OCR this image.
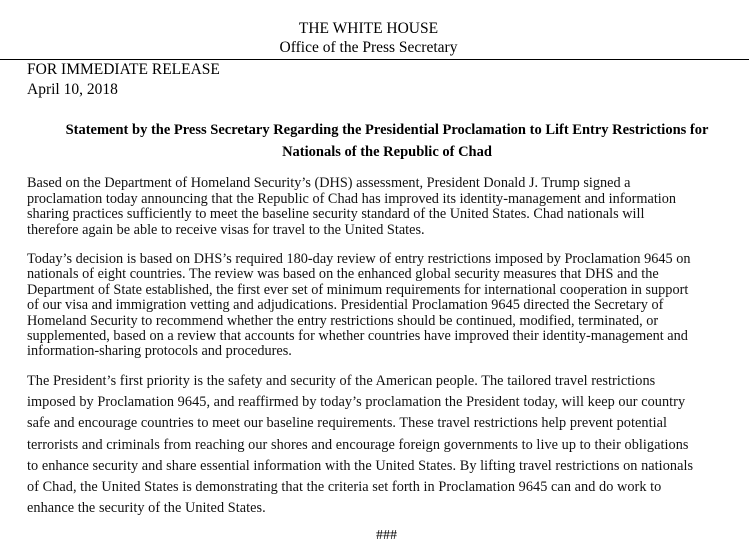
THE WHITE HOUSE
Office of the Press Secretary
FOR IMMEDIATE RELEASE
April 10, 2018
Statement by the Press Secretary Regarding the Presidential Proclamation to Lift Entry Restrictions for
Nationals of the Republic of Chad
Based on the Department of Homeland Security’s (DHS) assessment, President Donald J. Trump signed a
proclamation today announcing that the Republic of Chad has improved its identity-management and information
sharing practices sufficiently to meet the baseline security standard of the United States. Chad nationals will
therefore again be able to receive visas for travel to the United States.
Today’s decision is based on DHS’s required 180-day review of entry restrictions imposed by Proclamation 9645 on
nationals of eight countries. The review was based on the enhanced global security measures that DHS and the
Department of State established, the first ever set of minimum requirements for international cooperation in support
of our visa and immigration vetting and adjudications. Presidential Proclamation 9645 directed the Secretary of
Homeland Security to recommend whether the entry restrictions should be continued, modified, terminated, or
supplemented, based on a review that accounts for whether countries have improved their identity-management and
information-sharing protocols and procedures.
The President’s first priority is the safety and security of the American people. The tailored travel restrictions
imposed by Proclamation 9645, and reaffirmed by today’s proclamation the President today, will keep our country
safe and encourage countries to meet our baseline requirements. These travel restrictions help prevent potential
terrorists and criminals from reaching our shores and encourage foreign governments to live up to their obligations
to enhance security and share essential information with the United States. By lifting travel restrictions on nationals
of Chad, the United States is demonstrating that the criteria set forth in Proclamation 9645 can and do work to
enhance the security of the United States.
###
